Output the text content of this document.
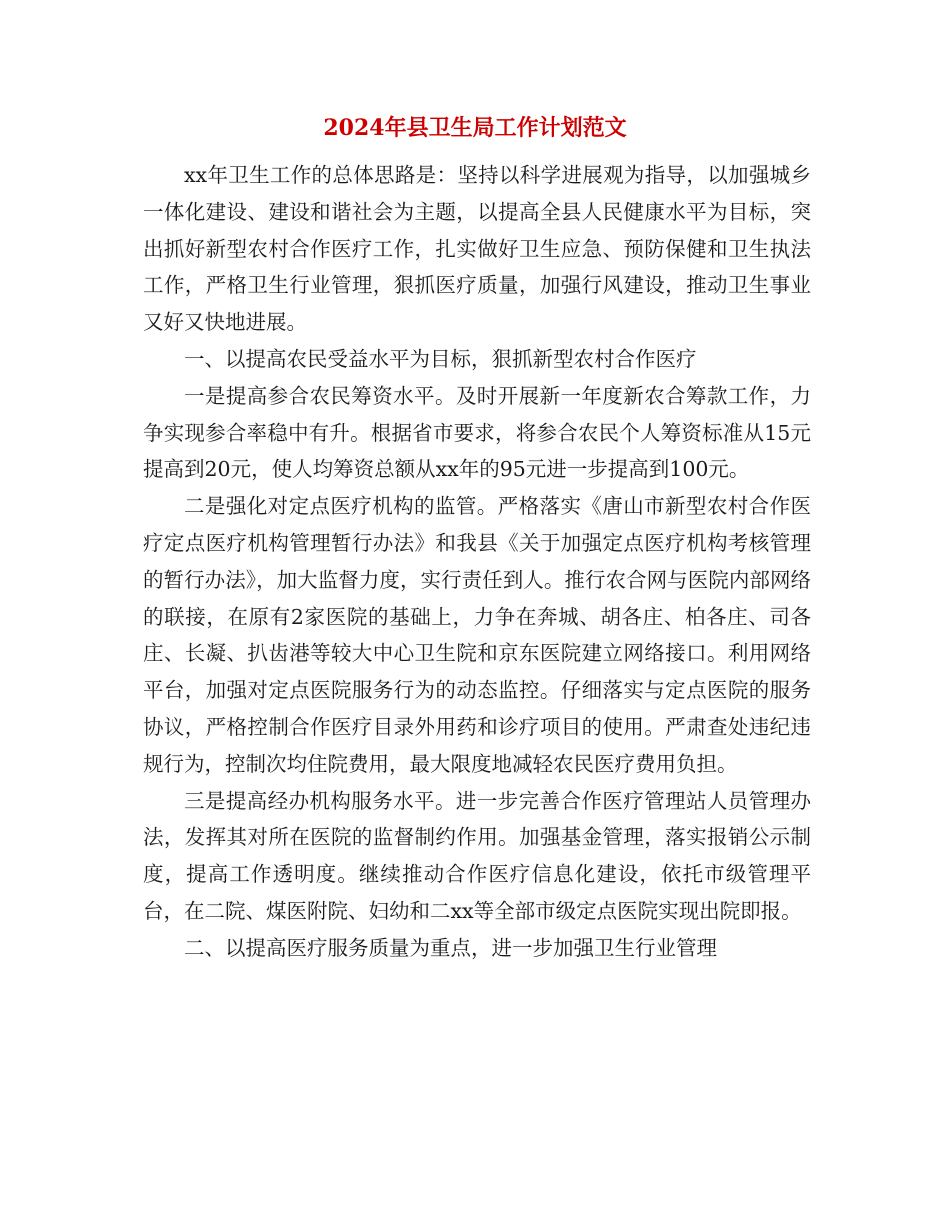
2024年县卫生局工作计划范文

xx年卫生工作的总体思路是：坚持以科学进展观为指导，以加强城乡一体化建设、建设和谐社会为主题，以提高全县人民健康水平为目标，突出抓好新型农村合作医疗工作，扎实做好卫生应急、预防保健和卫生执法工作，严格卫生行业管理，狠抓医疗质量，加强行风建设，推动卫生事业又好又快地进展。

一、以提高农民受益水平为目标，狠抓新型农村合作医疗

一是提高参合农民筹资水平。及时开展新一年度新农合筹款工作，力争实现参合率稳中有升。根据省市要求，将参合农民个人筹资标准从15元提高到20元，使人均筹资总额从xx年的95元进一步提高到100元。

二是强化对定点医疗机构的监管。严格落实《唐山市新型农村合作医疗定点医疗机构管理暂行办法》和我县《关于加强定点医疗机构考核管理的暂行办法》，加大监督力度，实行责任到人。推行农合网与医院内部网络的联接，在原有2家医院的基础上，力争在奔城、胡各庄、柏各庄、司各庄、长凝、扒齿港等较大中心卫生院和京东医院建立网络接口。利用网络平台，加强对定点医院服务行为的动态监控。仔细落实与定点医院的服务协议，严格控制合作医疗目录外用药和诊疗项目的使用。严肃查处违纪违规行为，控制次均住院费用，最大限度地减轻农民医疗费用负担。

三是提高经办机构服务水平。进一步完善合作医疗管理站人员管理办法，发挥其对所在医院的监督制约作用。加强基金管理，落实报销公示制度，提高工作透明度。继续推动合作医疗信息化建设，依托市级管理平台，在二院、煤医附院、妇幼和二xx等全部市级定点医院实现出院即报。

二、以提高医疗服务质量为重点，进一步加强卫生行业管理
